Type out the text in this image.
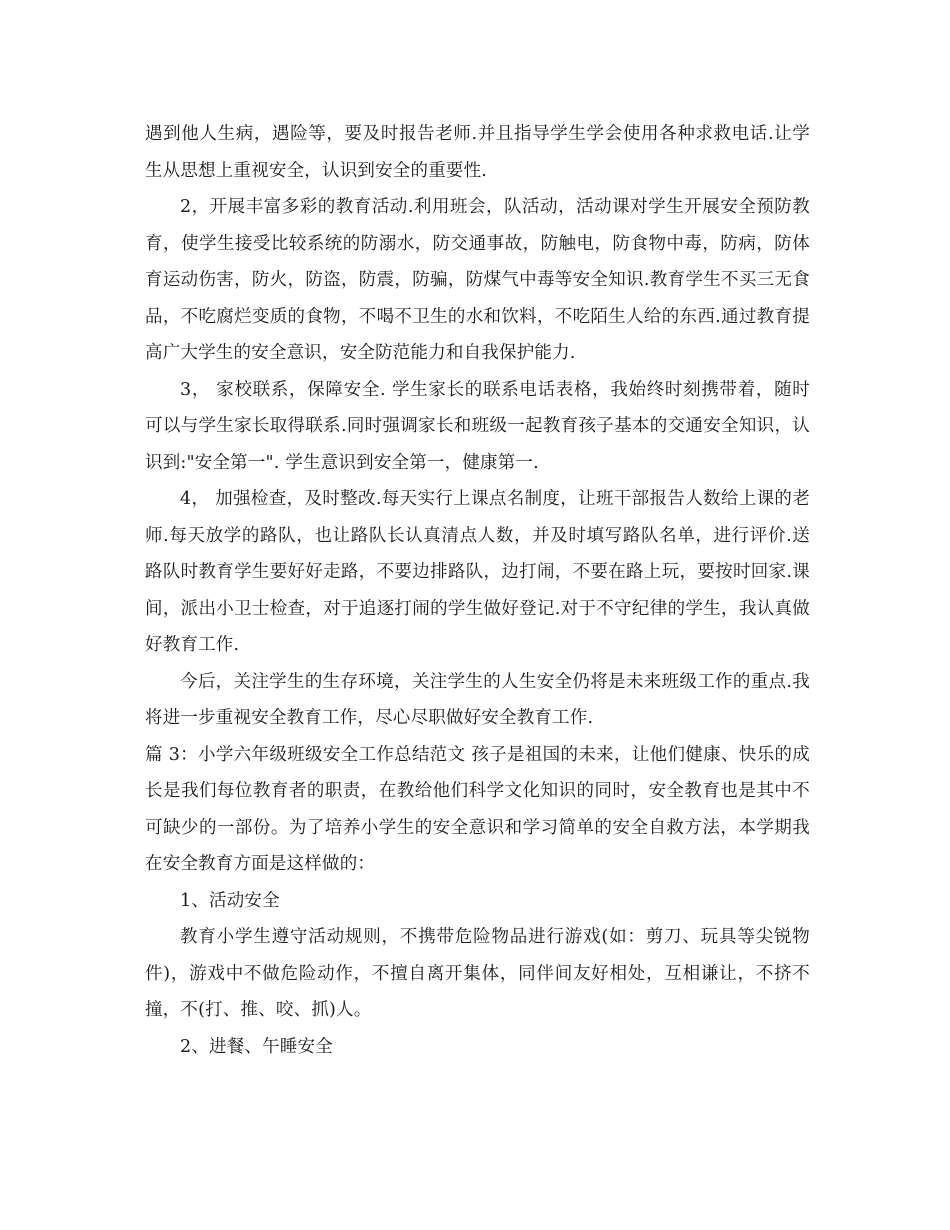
遇到他人生病，遇险等，要及时报告老师.并且指导学生学会使用各种求救电话.让学生从思想上重视安全，认识到安全的重要性.

2，开展丰富多彩的教育活动.利用班会，队活动，活动课对学生开展安全预防教育，使学生接受比较系统的防溺水，防交通事故，防触电，防食物中毒，防病，防体育运动伤害，防火，防盗，防震，防骗，防煤气中毒等安全知识.教育学生不买三无食品，不吃腐烂变质的食物，不喝不卫生的水和饮料，不吃陌生人给的东西.通过教育提高广大学生的安全意识，安全防范能力和自我保护能力.

3， 家校联系，保障安全. 学生家长的联系电话表格，我始终时刻携带着，随时可以与学生家长取得联系.同时强调家长和班级一起教育孩子基本的交通安全知识，认识到:"安全第一". 学生意识到安全第一，健康第一.

4， 加强检查，及时整改.每天实行上课点名制度，让班干部报告人数给上课的老师.每天放学的路队，也让路队长认真清点人数，并及时填写路队名单，进行评价.送路队时教育学生要好好走路，不要边排路队，边打闹，不要在路上玩，要按时回家.课间，派出小卫士检查，对于追逐打闹的学生做好登记.对于不守纪律的学生，我认真做好教育工作.

今后，关注学生的生存环境，关注学生的人生安全仍将是未来班级工作的重点.我将进一步重视安全教育工作，尽心尽职做好安全教育工作.

篇 3：小学六年级班级安全工作总结范文 孩子是祖国的未来，让他们健康、快乐的成长是我们每位教育者的职责，在教给他们科学文化知识的同时，安全教育也是其中不可缺少的一部份。为了培养小学生的安全意识和学习简单的安全自救方法，本学期我在安全教育方面是这样做的：

1、活动安全

教育小学生遵守活动规则，不携带危险物品进行游戏(如：剪刀、玩具等尖锐物件)，游戏中不做危险动作，不擅自离开集体，同伴间友好相处，互相谦让，不挤不撞，不(打、推、咬、抓)人。

2、进餐、午睡安全
